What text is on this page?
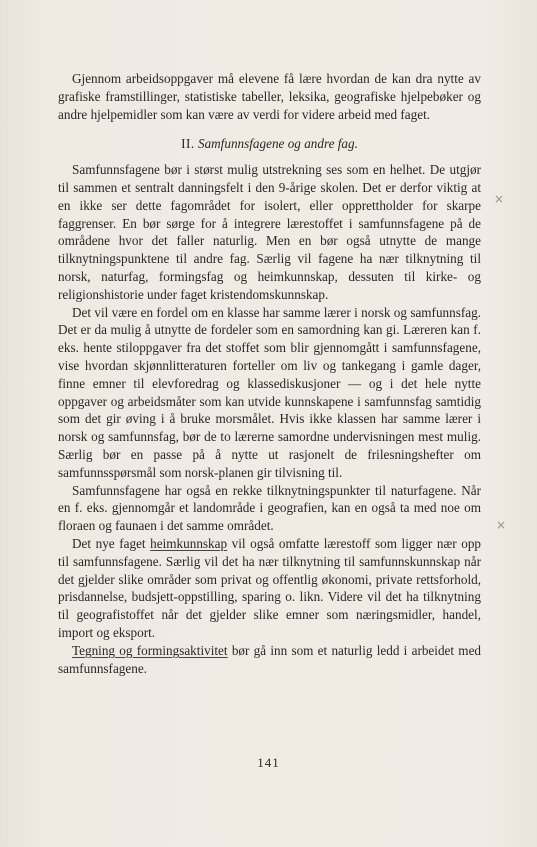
Gjennom arbeidsoppgaver må elevene få lære hvordan de kan dra nytte av grafiske framstillinger, statistiske tabeller, leksika, geografiske hjelpebøker og andre hjelpemidler som kan være av verdi for videre arbeid med faget.

II. Samfunnsfagene og andre fag.

Samfunnsfagene bør i størst mulig utstrekning ses som en helhet. De utgjør til sammen et sentralt danningsfelt i den 9-årige skolen. Det er derfor viktig at en ikke ser dette fagområdet for isolert, eller opprettholder for skarpe faggrenser. En bør sørge for å integrere lærestoffet i samfunnsfagene på de områdene hvor det faller naturlig. Men en bør også utnytte de mange tilknytningspunktene til andre fag. Særlig vil fagene ha nær tilknytning til norsk, naturfag, formingsfag og heimkunnskap, dessuten til kirke- og religionshistorie under faget kristendomskunnskap.

Det vil være en fordel om en klasse har samme lærer i norsk og samfunnsfag. Det er da mulig å utnytte de fordeler som en samordning kan gi. Læreren kan f. eks. hente stiloppgaver fra det stoffet som blir gjennomgått i samfunnsfagene, vise hvordan skjønnlitteraturen forteller om liv og tankegang i gamle dager, finne emner til elevforedrag og klassediskusjoner — og i det hele nytte oppgaver og arbeidsmåter som kan utvide kunnskapene i samfunnsfag samtidig som det gir øving i å bruke morsmålet. Hvis ikke klassen har samme lærer i norsk og samfunnsfag, bør de to lærerne samordne undervisningen mest mulig. Særlig bør en passe på å nytte ut rasjonelt de frilesningshefter om samfunnsspørsmål som norsk-planen gir tilvisning til.

Samfunnsfagene har også en rekke tilknytningspunkter til naturfagene. Når en f. eks. gjennomgår et landområde i geografien, kan en også ta med noe om floraen og faunaen i det samme området.

Det nye faget heimkunnskap vil også omfatte lærestoff som ligger nær opp til samfunnsfagene. Særlig vil det ha nær tilknytning til samfunnskunnskap når det gjelder slike områder som privat og offentlig økonomi, private rettsforhold, prisdannelse, budsjett-oppstilling, sparing o. likn. Videre vil det ha tilknytning til geografistoffet når det gjelder slike emner som næringsmidler, handel, import og eksport.

Tegning og formingsaktivitet bør gå inn som et naturlig ledd i arbeidet med samfunnsfagene.

141
×
×
